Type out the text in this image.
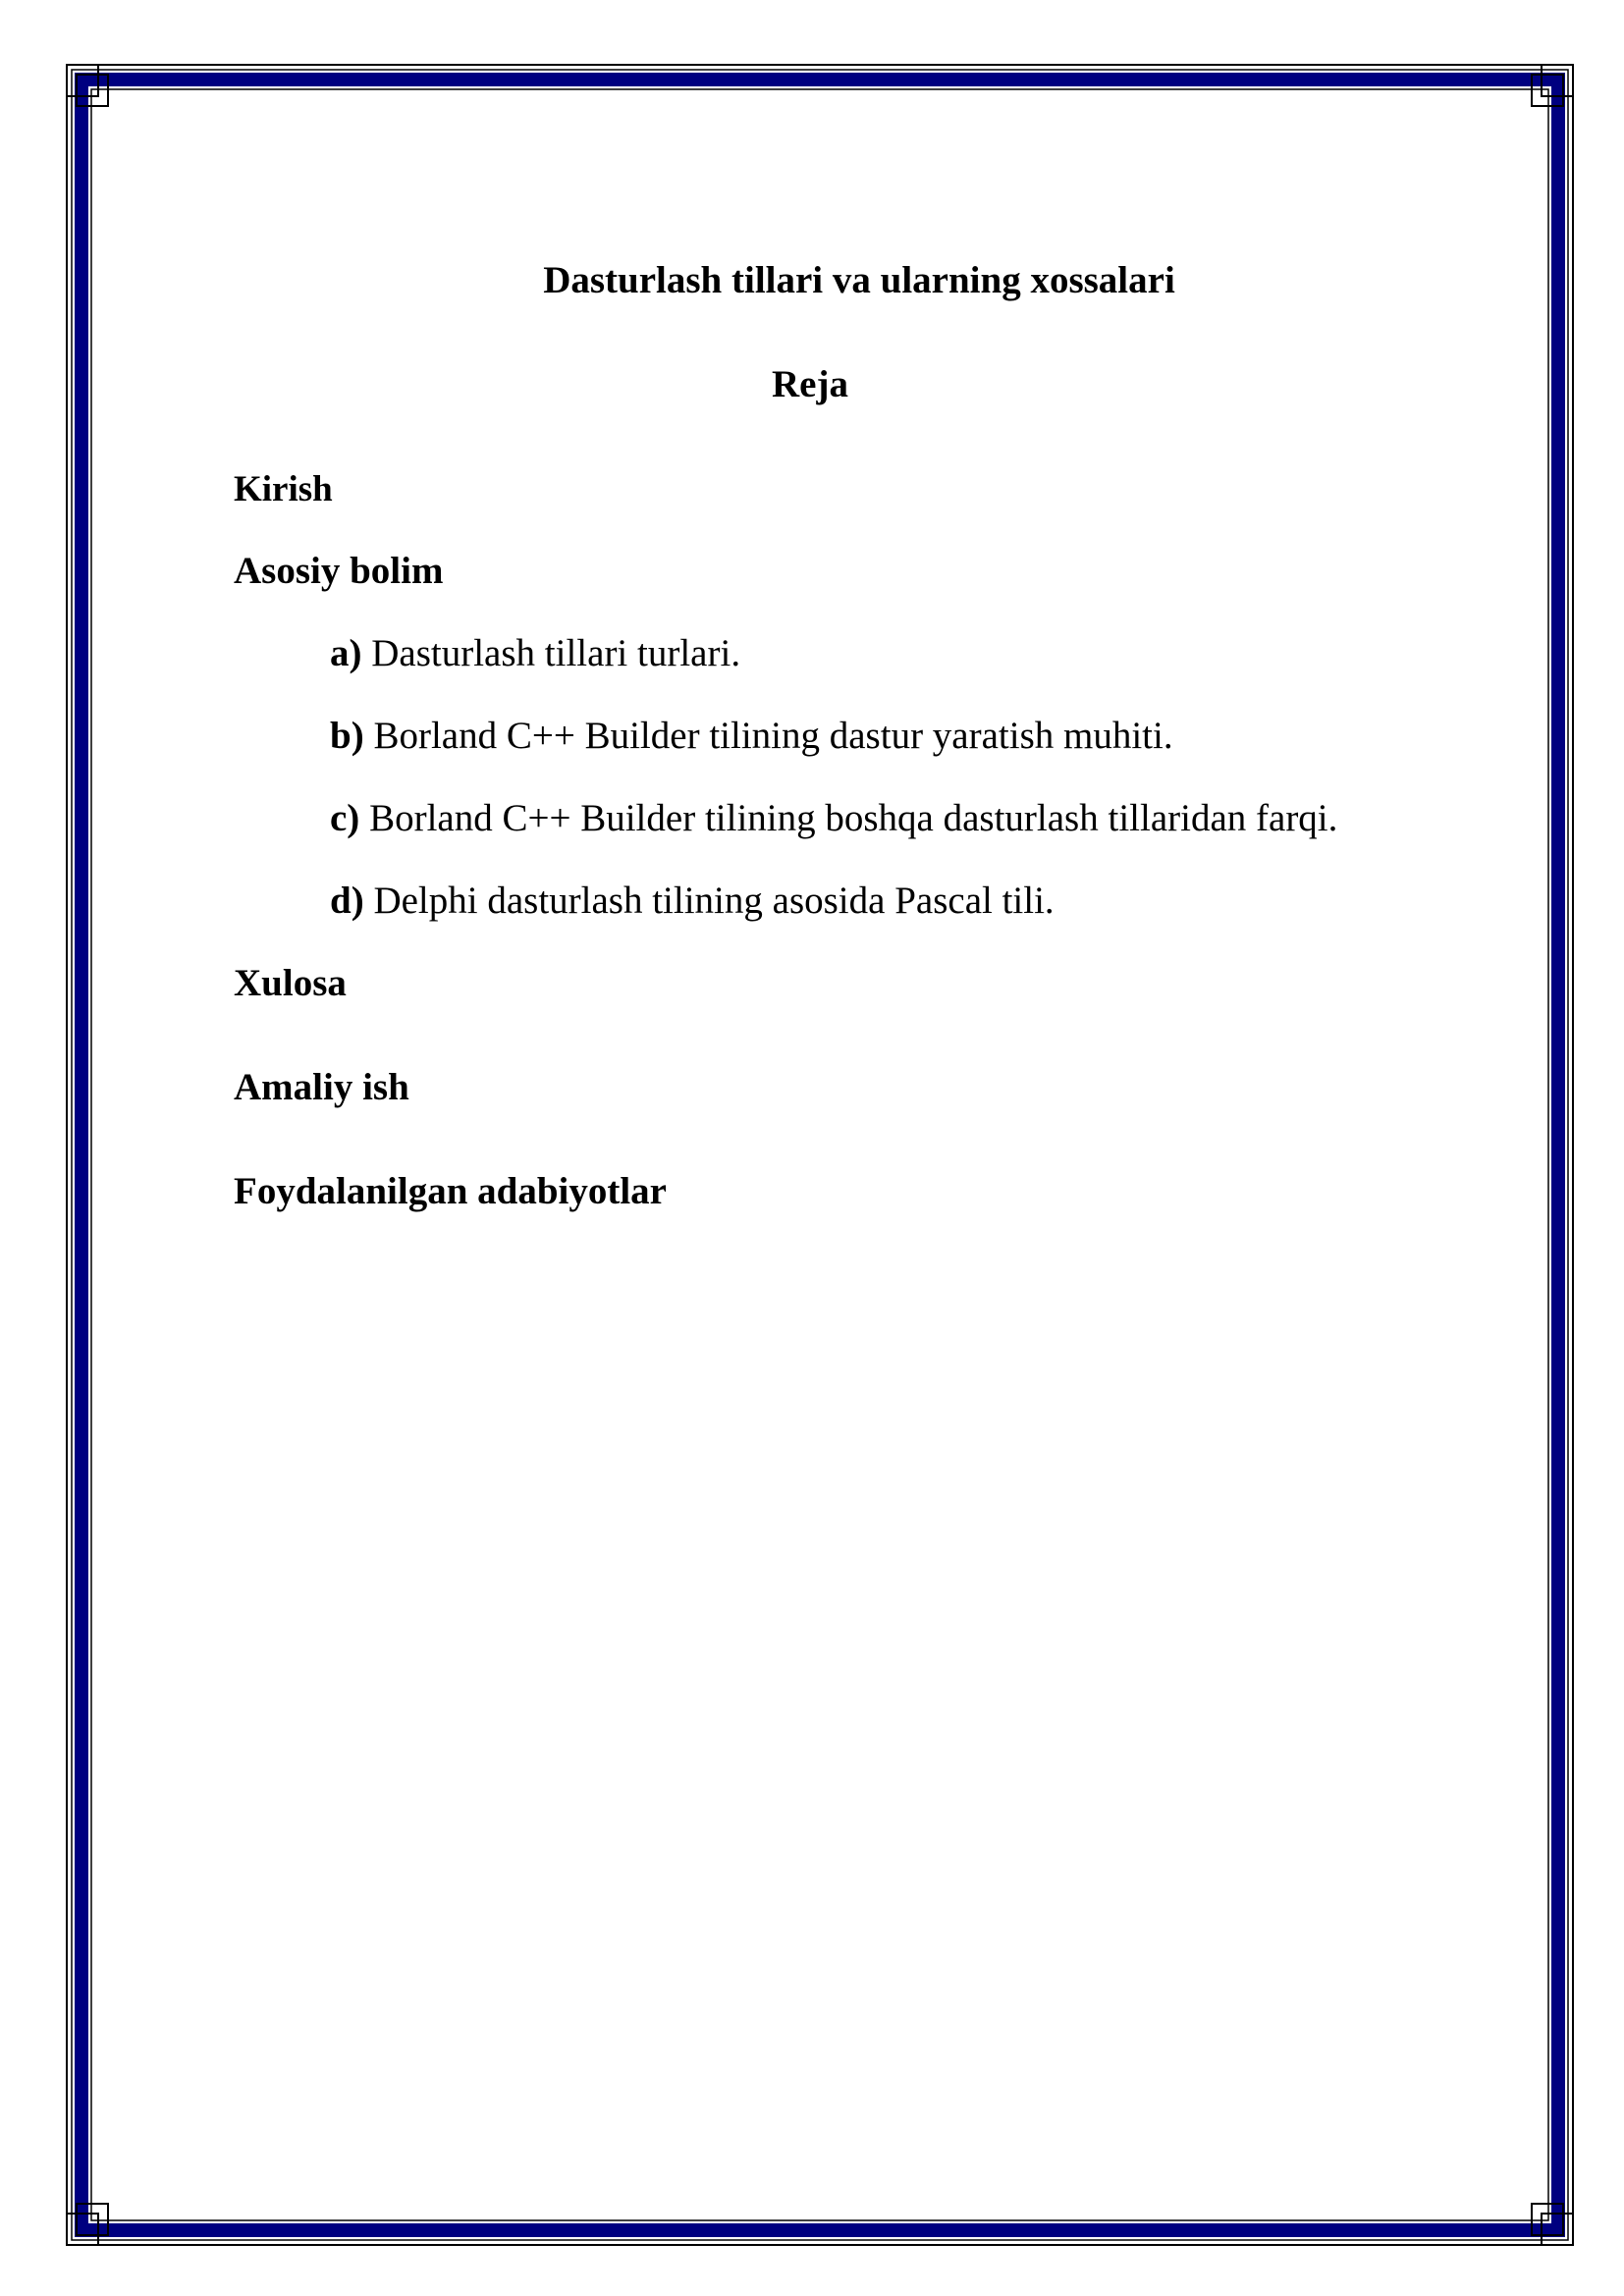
Dasturlash tillari va ularning xossalari
Reja
Kirish
Asosiy bolim
a) Dasturlash tillari turlari.
b) Borland C++ Builder tilining dastur yaratish muhiti.
c) Borland C++ Builder tilining boshqa dasturlash tillaridan farqi.
d) Delphi dasturlash tilining asosida Pascal tili.
Xulosa
Amaliy ish
Foydalanilgan adabiyotlar
